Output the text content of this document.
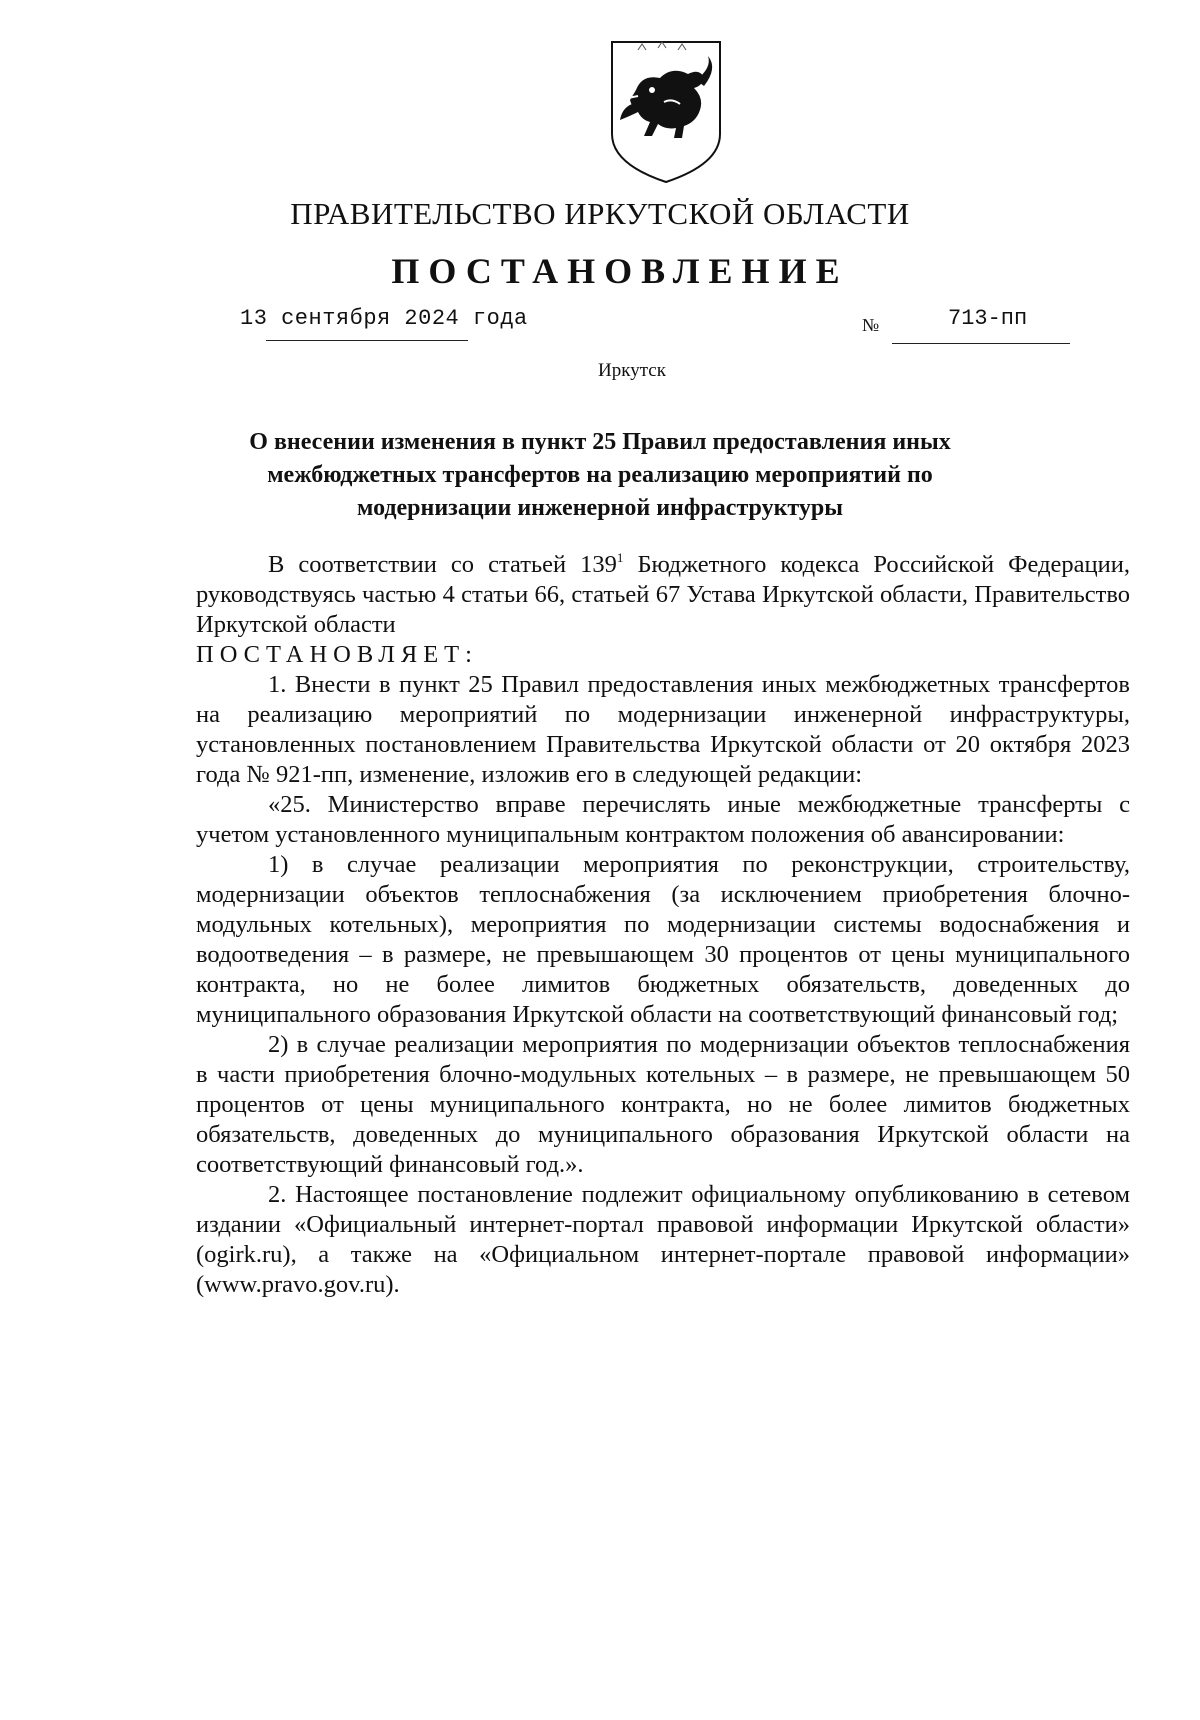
ПРАВИТЕЛЬСТВО ИРКУТСКОЙ ОБЛАСТИ
ПОСТАНОВЛЕНИЕ
13 сентября 2024 года	№	713-пп
Иркутск
О внесении изменения в пункт 25 Правил предоставления иных
межбюджетных трансфертов на реализацию мероприятий по
модернизации инженерной инфраструктуры

В соответствии со статьей $139^1$ Бюджетного кодекса Российской Федерации, руководствуясь частью 4 статьи 66, статьей 67 Устава Иркутской области, Правительство Иркутской области

ПОСТАНОВЛЯЕТ:

1. Внести в пункт 25 Правил предоставления иных межбюджетных трансфертов на реализацию мероприятий по модернизации инженерной инфраструктуры, установленных постановлением Правительства Иркутской области от 20 октября 2023 года № 921-пп, изменение, изложив его в следующей редакции:

«25. Министерство вправе перечислять иные межбюджетные трансферты с учетом установленного муниципальным контрактом положения об авансировании:

1) в случае реализации мероприятия по реконструкции, строительству, модернизации объектов теплоснабжения (за исключением приобретения блочно-модульных котельных), мероприятия по модернизации системы водоснабжения и водоотведения – в размере, не превышающем 30 процентов от цены муниципального контракта, но не более лимитов бюджетных обязательств, доведенных до муниципального образования Иркутской области на соответствующий финансовый год;

2) в случае реализации мероприятия по модернизации объектов теплоснабжения в части приобретения блочно-модульных котельных – в размере, не превышающем 50 процентов от цены муниципального контракта, но не более лимитов бюджетных обязательств, доведенных до муниципального образования Иркутской области на соответствующий финансовый год.».

2. Настоящее постановление подлежит официальному опубликованию в сетевом издании «Официальный интернет-портал правовой информации Иркутской области» (ogirk.ru), а также на «Официальном интернет-портале правовой информации» (www.pravo.gov.ru).
